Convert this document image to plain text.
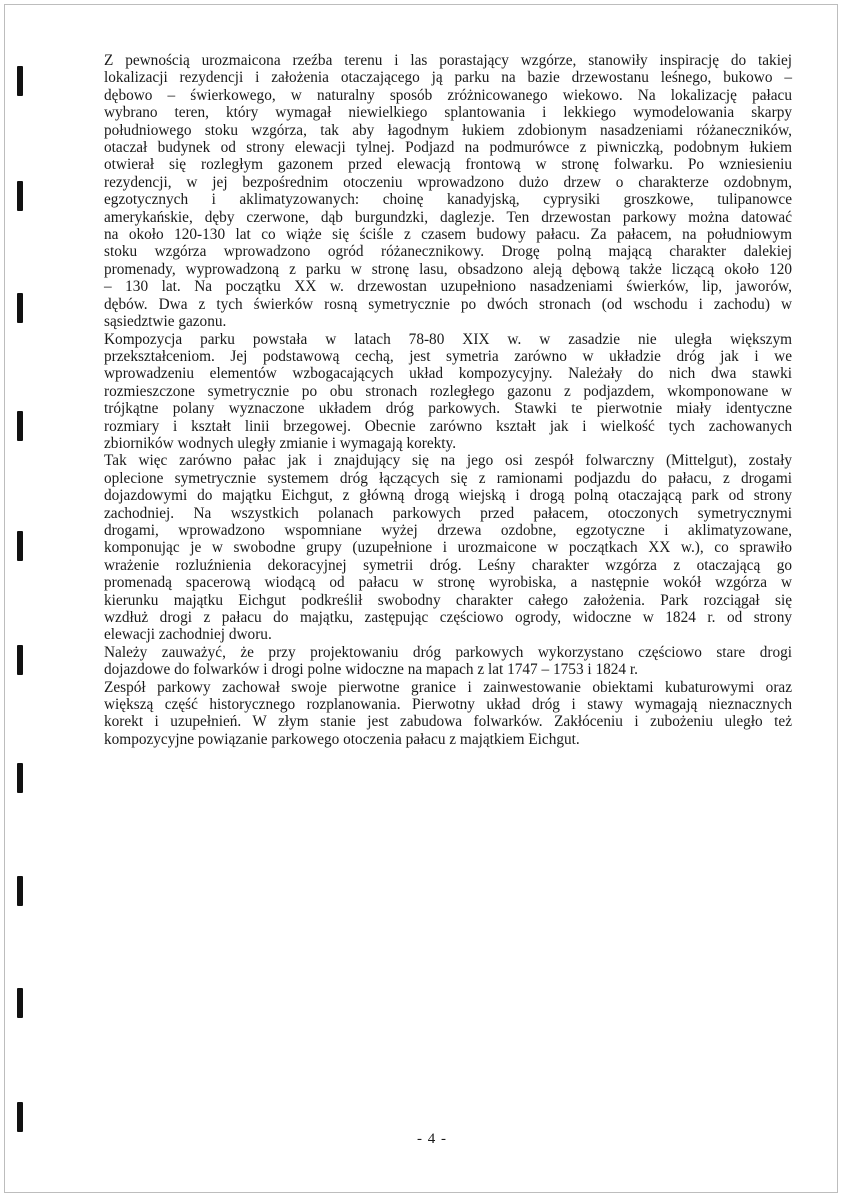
Z pewnością urozmaicona rzeźba terenu i las porastający wzgórze, stanowiły inspirację do takiej
lokalizacji rezydencji i założenia otaczającego ją parku na bazie drzewostanu leśnego, bukowo –
dębowo – świerkowego, w naturalny sposób zróżnicowanego wiekowo. Na lokalizację pałacu
wybrano teren, który wymagał niewielkiego splantowania i lekkiego wymodelowania skarpy
południowego stoku wzgórza, tak aby łagodnym łukiem zdobionym nasadzeniami różaneczników,
otaczał budynek od strony elewacji tylnej. Podjazd na podmurówce z piwniczką, podobnym łukiem
otwierał się rozległym gazonem przed elewacją frontową w stronę folwarku. Po wzniesieniu
rezydencji, w jej bezpośrednim otoczeniu wprowadzono dużo drzew o charakterze ozdobnym,
egzotycznych i aklimatyzowanych: choinę kanadyjską, cyprysiki groszkowe, tulipanowce
amerykańskie, dęby czerwone, dąb burgundzki, daglezje. Ten drzewostan parkowy można datować
na około 120-130 lat co wiąże się ściśle z czasem budowy pałacu. Za pałacem, na południowym
stoku wzgórza wprowadzono ogród różanecznikowy. Drogę polną mającą charakter dalekiej
promenady, wyprowadzoną z parku w stronę lasu, obsadzono aleją dębową także liczącą około 120
– 130 lat. Na początku XX w. drzewostan uzupełniono nasadzeniami świerków, lip, jaworów,
dębów. Dwa z tych świerków rosną symetrycznie po dwóch stronach (od wschodu i zachodu) w
sąsiedztwie gazonu.
Kompozycja parku powstała w latach 78-80 XIX w. w zasadzie nie uległa większym
przekształceniom. Jej podstawową cechą, jest symetria zarówno w układzie dróg jak i we
wprowadzeniu elementów wzbogacających układ kompozycyjny. Należały do nich dwa stawki
rozmieszczone symetrycznie po obu stronach rozległego gazonu z podjazdem, wkomponowane w
trójkątne polany wyznaczone układem dróg parkowych. Stawki te pierwotnie miały identyczne
rozmiary i kształt linii brzegowej. Obecnie zarówno kształt jak i wielkość tych zachowanych
zbiorników wodnych uległy zmianie i wymagają korekty.
Tak więc zarówno pałac jak i znajdujący się na jego osi zespół folwarczny (Mittelgut), zostały
oplecione symetrycznie systemem dróg łączących się z ramionami podjazdu do pałacu, z drogami
dojazdowymi do majątku Eichgut, z główną drogą wiejską i drogą polną otaczającą park od strony
zachodniej. Na wszystkich polanach parkowych przed pałacem, otoczonych symetrycznymi
drogami, wprowadzono wspomniane wyżej drzewa ozdobne, egzotyczne i aklimatyzowane,
komponując je w swobodne grupy (uzupełnione i urozmaicone w początkach XX w.), co sprawiło
wrażenie rozluźnienia dekoracyjnej symetrii dróg. Leśny charakter wzgórza z otaczającą go
promenadą spacerową wiodącą od pałacu w stronę wyrobiska, a następnie wokół wzgórza w
kierunku majątku Eichgut podkreślił swobodny charakter całego założenia. Park rozciągał się
wzdłuż drogi z pałacu do majątku, zastępując częściowo ogrody, widoczne w 1824 r. od strony
elewacji zachodniej dworu.
Należy zauważyć, że przy projektowaniu dróg parkowych wykorzystano częściowo stare drogi
dojazdowe do folwarków i drogi polne widoczne na mapach z lat 1747 – 1753 i 1824 r.
Zespół parkowy zachował swoje pierwotne granice i zainwestowanie obiektami kubaturowymi oraz
większą część historycznego rozplanowania. Pierwotny układ dróg i stawy wymagają nieznacznych
korekt i uzupełnień. W złym stanie jest zabudowa folwarków. Zakłóceniu i zubożeniu uległo też
kompozycyjne powiązanie parkowego otoczenia pałacu z majątkiem Eichgut.
- 4 -
